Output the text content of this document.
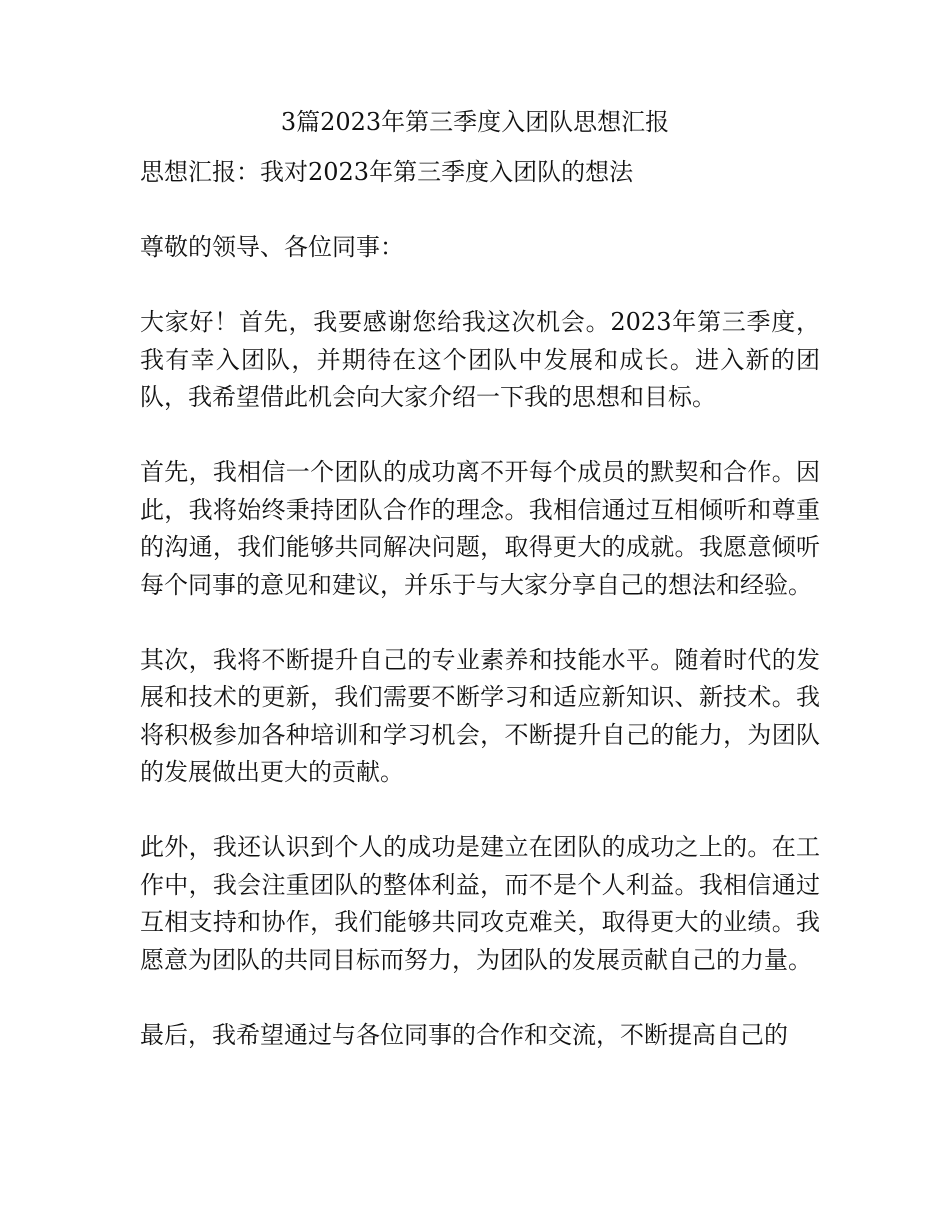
3篇2023年第三季度入团队思想汇报

思想汇报：我对2023年第三季度入团队的想法

尊敬的领导、各位同事：

大家好！首先，我要感谢您给我这次机会。2023年第三季度，我有幸入团队，并期待在这个团队中发展和成长。进入新的团队，我希望借此机会向大家介绍一下我的思想和目标。

首先，我相信一个团队的成功离不开每个成员的默契和合作。因此，我将始终秉持团队合作的理念。我相信通过互相倾听和尊重的沟通，我们能够共同解决问题，取得更大的成就。我愿意倾听每个同事的意见和建议，并乐于与大家分享自己的想法和经验。

其次，我将不断提升自己的专业素养和技能水平。随着时代的发展和技术的更新，我们需要不断学习和适应新知识、新技术。我将积极参加各种培训和学习机会，不断提升自己的能力，为团队的发展做出更大的贡献。

此外，我还认识到个人的成功是建立在团队的成功之上的。在工作中，我会注重团队的整体利益，而不是个人利益。我相信通过互相支持和协作，我们能够共同攻克难关，取得更大的业绩。我愿意为团队的共同目标而努力，为团队的发展贡献自己的力量。

最后，我希望通过与各位同事的合作和交流，不断提高自己的
